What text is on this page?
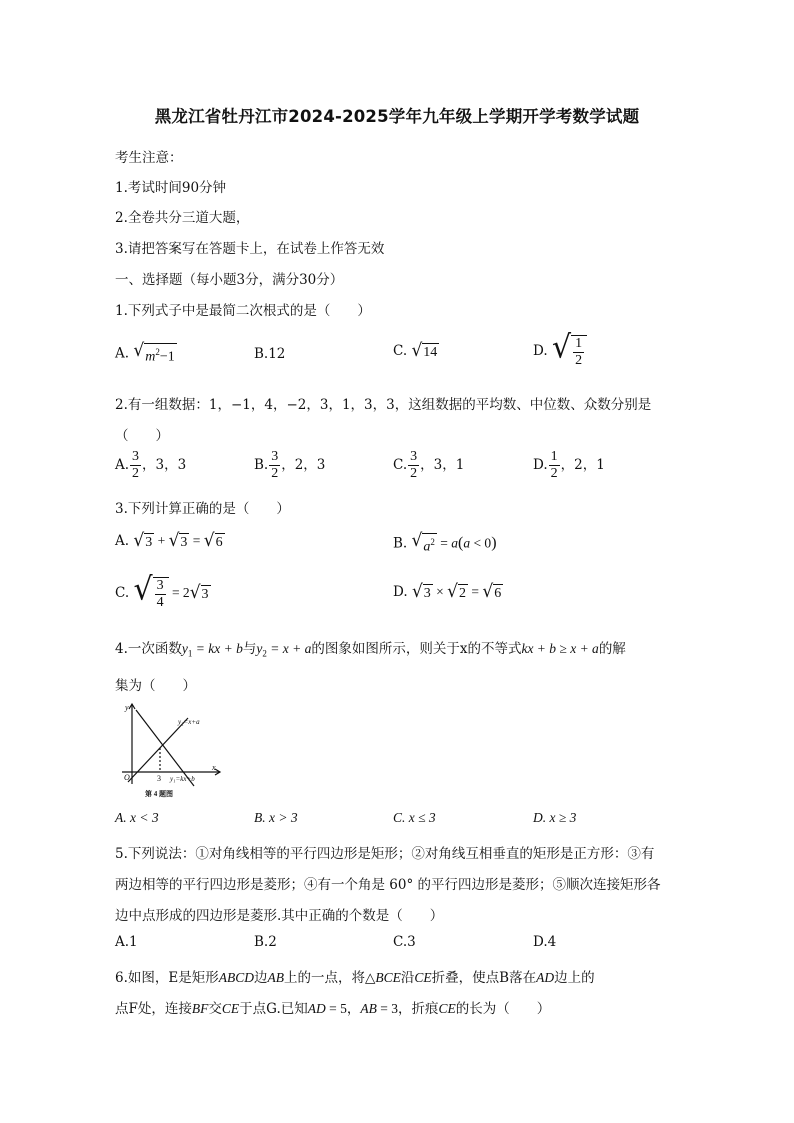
黑龙江省牡丹江市2024-2025学年九年级上学期开学考数学试题
考生注意：
1.考试时间90分钟
2.全卷共分三道大题，
3.请把答案写在答题卡上，在试卷上作答无效
一、选择题（每小题3分，满分30分）
1.下列式子中是最简二次根式的是（　　）
A. √ $m^2-1$	B.12	C. √ 14	D. √ $\frac{1}{2}$
2.有一组数据：1，−1，4，−2，3，1，3，3，这组数据的平均数、中位数、众数分别是
（　　）
A. $\frac{3}{2}$ ，3，3	B. $\frac{3}{2}$ ，2，3	C. $\frac{3}{2}$ ，3，1	D. $\frac{1}{2}$ ，2，1
3.下列计算正确的是（　　）
A. √ 3 + √ 3 = √ 6	B. √ $a^2 = a(a < 0)$
C. √ $\frac{3}{4} = 2$ √ 3	D. √ 3 × √ 2 = √ 6
4.一次函数$y_1$ = kx + b与$y_2 = x + a$的图象如图所示，则关于x的不等式kx + b ≥ x + a的解
集为（　　）
y
x
O	3
y₂=x+a
y₁=kx+b
第 4 题图
A. x < 3	B. x > 3	C. x ≤ 3	D. x ≥ 3
5.下列说法：①对角线相等的平行四边形是矩形；②对角线互相垂直的矩形是正方形：③有
两边相等的平行四边形是菱形；④有一个角是 60° 的平行四边形是菱形；⑤顺次连接矩形各
边中点形成的四边形是菱形.其中正确的个数是（　　）
A.1	B.2	C.3	D.4
6.如图，E是矩形ABCD边AB上的一点，将△BCE沿CE折叠，使点B落在AD边上的
点F处，连接BF交CE于点G.已知AD = 5，AB = 3，折痕CE的长为（　　）
